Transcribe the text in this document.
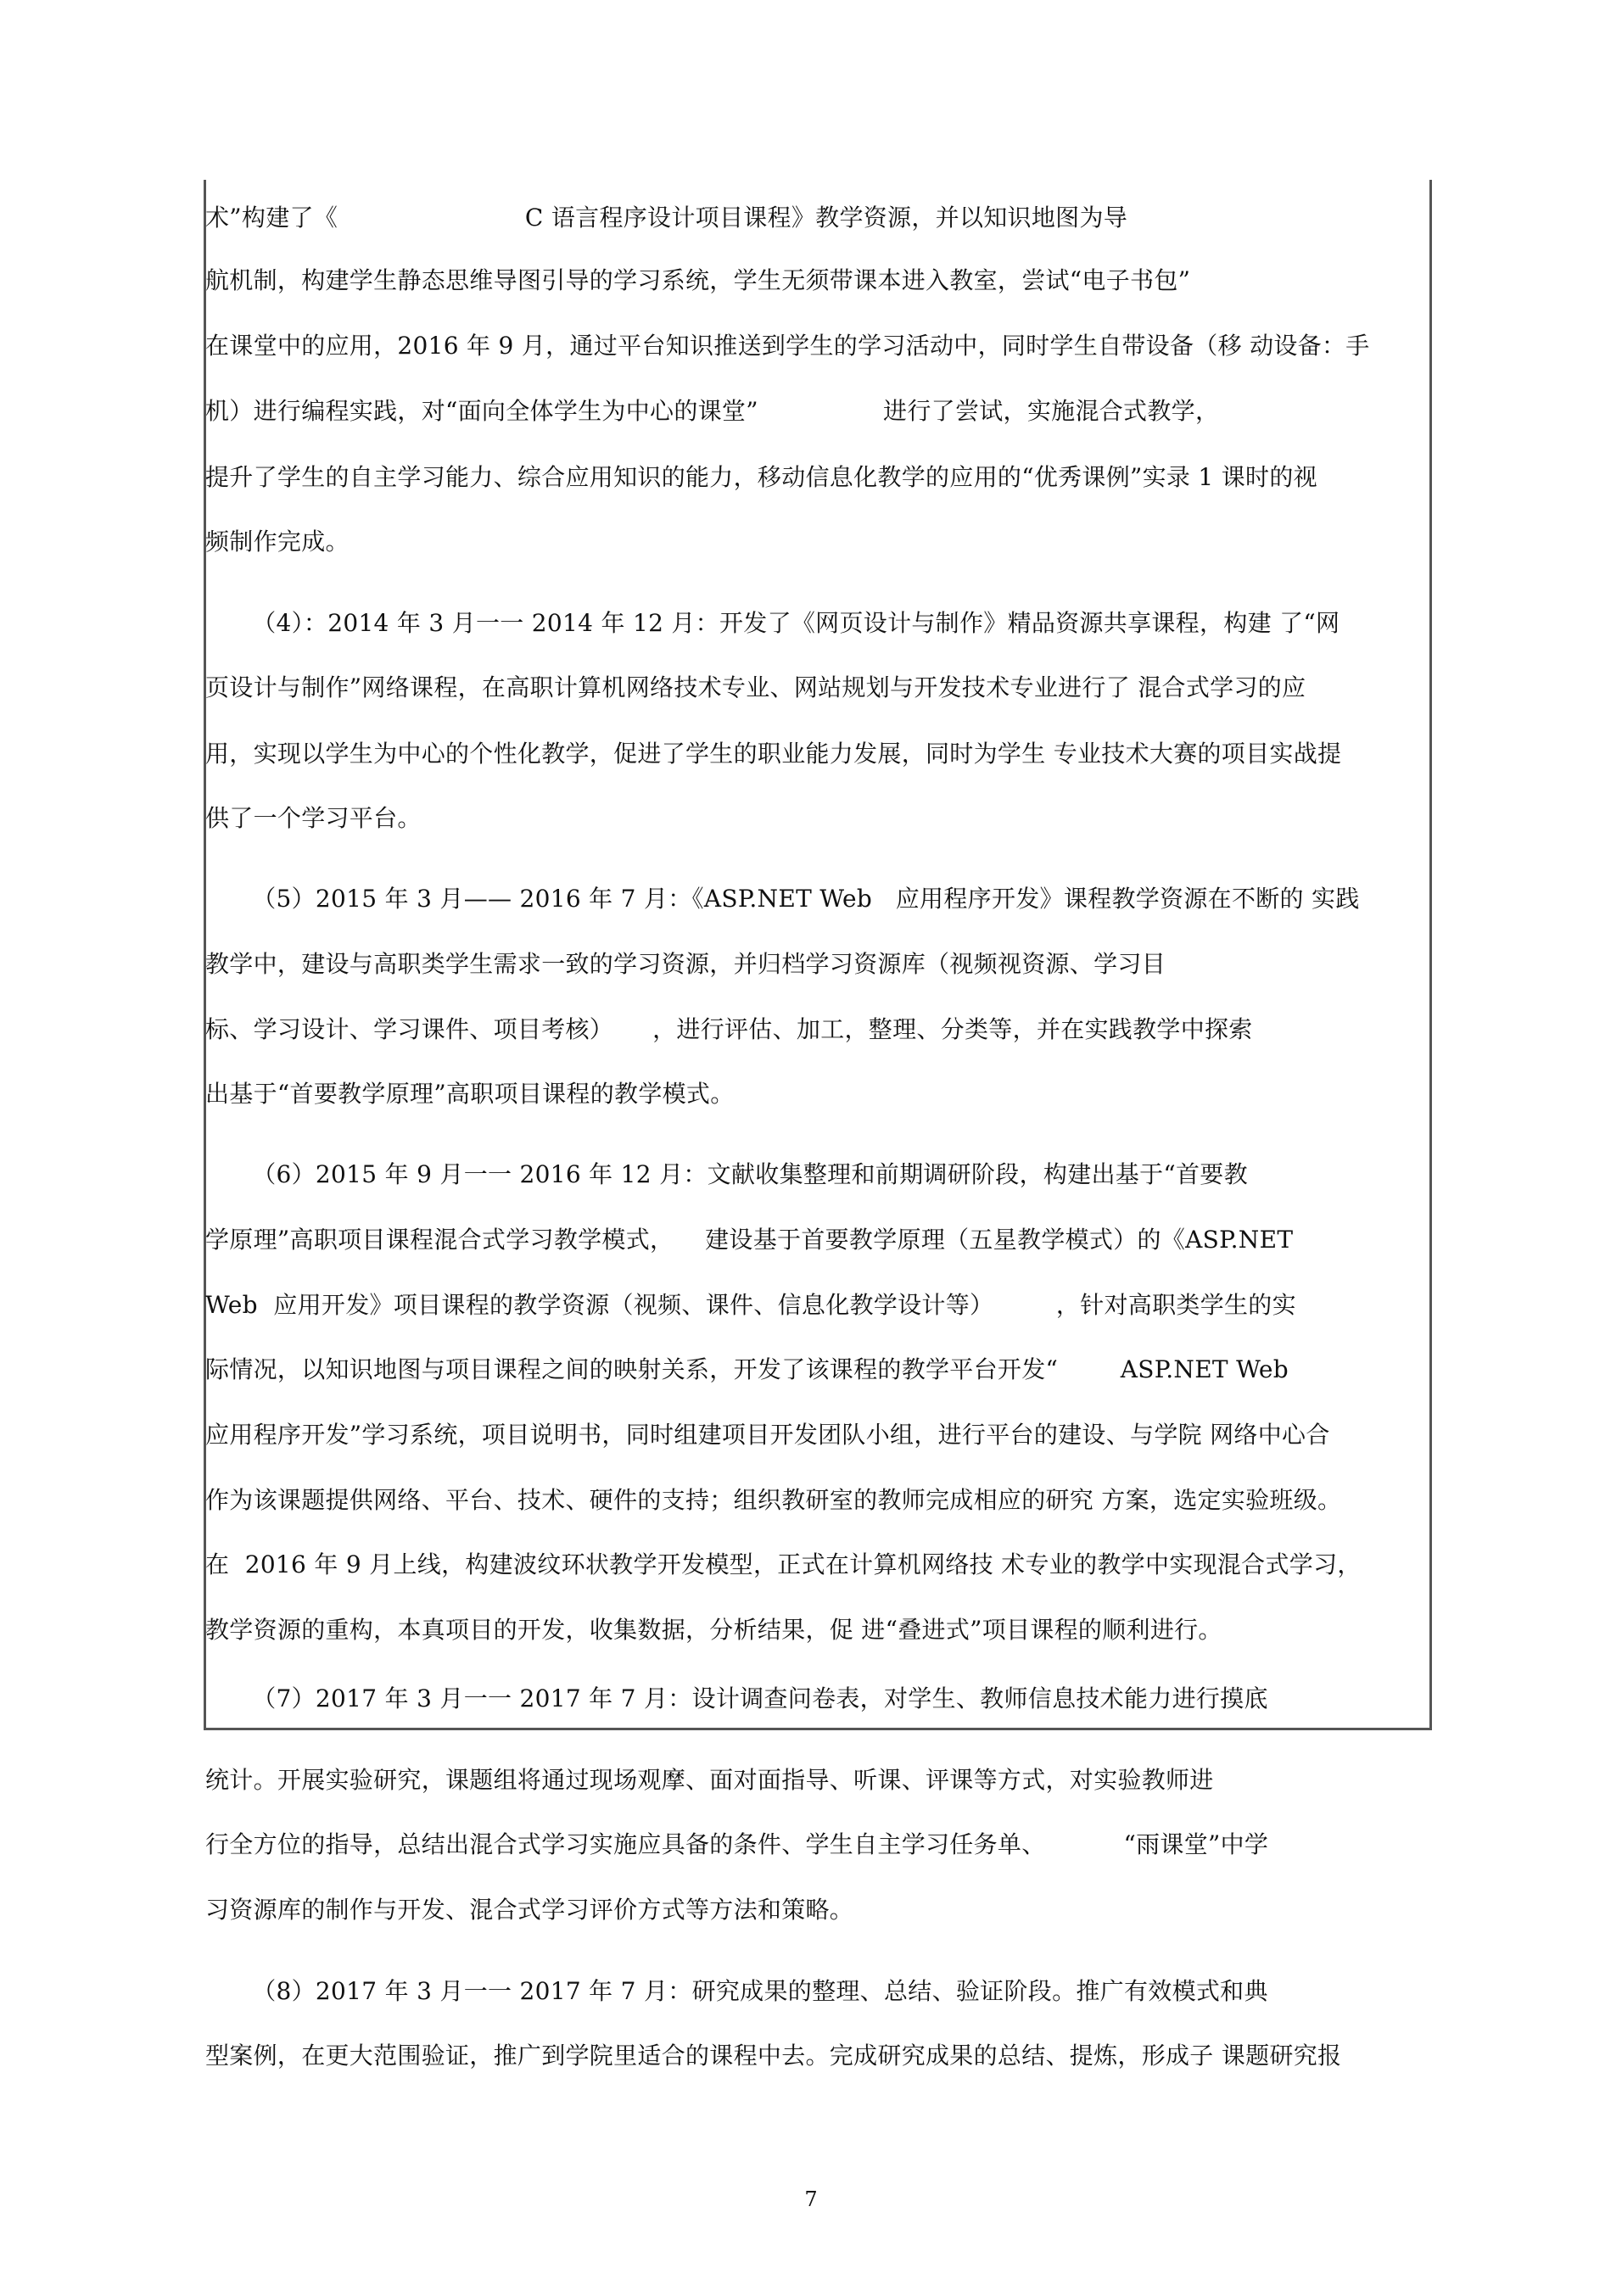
术”构建了《                        C 语言程序设计项目课程》教学资源，并以知识地图为导
航机制，构建学生静态思维导图引导的学习系统，学生无须带课本进入教室，尝试“电子书包”
在课堂中的应用，2016 年 9 月，通过平台知识推送到学生的学习活动中，同时学生自带设备（移 动设备：手
机）进行编程实践，对“面向全体学生为中心的课堂”                进行了尝试，实施混合式教学，
提升了学生的自主学习能力、综合应用知识的能力，移动信息化教学的应用的“优秀课例”实录 1 课时的视
频制作完成。
（4）：2014 年 3 月一一 2014 年 12 月：开发了《网页设计与制作》精品资源共享课程，构建 了“网
页设计与制作”网络课程，在高职计算机网络技术专业、网站规划与开发技术专业进行了 混合式学习的应
用，实现以学生为中心的个性化教学，促进了学生的职业能力发展，同时为学生 专业技术大赛的项目实战提
供了一个学习平台。
（5）2015 年 3 月—— 2016 年 7 月：《ASP.NET Web   应用程序开发》课程教学资源在不断的 实践
教学中，建设与高职类学生需求一致的学习资源，并归档学习资源库（视频视资源、学习目
标、学习设计、学习课件、项目考核）     ，进行评估、加工，整理、分类等，并在实践教学中探索
出基于“首要教学原理”高职项目课程的教学模式。
（6）2015 年 9 月一一 2016 年 12 月：文献收集整理和前期调研阶段，构建出基于“首要教
学原理”高职项目课程混合式学习教学模式，    建设基于首要教学原理（五星教学模式）的《ASP.NET
Web  应用开发》项目课程的教学资源（视频、课件、信息化教学设计等）        ，针对高职类学生的实
际情况，以知识地图与项目课程之间的映射关系，开发了该课程的教学平台开发“        ASP.NET Web
应用程序开发”学习系统，项目说明书，同时组建项目开发团队小组，进行平台的建设、与学院 网络中心合
作为该课题提供网络、平台、技术、硬件的支持；组织教研室的教师完成相应的研究 方案，选定实验班级。
在  2016 年 9 月上线，构建波纹环状教学开发模型，正式在计算机网络技 术专业的教学中实现混合式学习，
教学资源的重构，本真项目的开发，收集数据，分析结果，促 进“叠进式”项目课程的顺利进行。
（7）2017 年 3 月一一 2017 年 7 月：设计调查问卷表，对学生、教师信息技术能力进行摸底
统计。开展实验研究，课题组将通过现场观摩、面对面指导、听课、评课等方式，对实验教师进
行全方位的指导，总结出混合式学习实施应具备的条件、学生自主学习任务单、          “雨课堂”中学
习资源库的制作与开发、混合式学习评价方式等方法和策略。
（8）2017 年 3 月一一 2017 年 7 月：研究成果的整理、总结、验证阶段。推广有效模式和典
型案例，在更大范围验证，推广到学院里适合的课程中去。完成研究成果的总结、提炼，形成子 课题研究报
7
